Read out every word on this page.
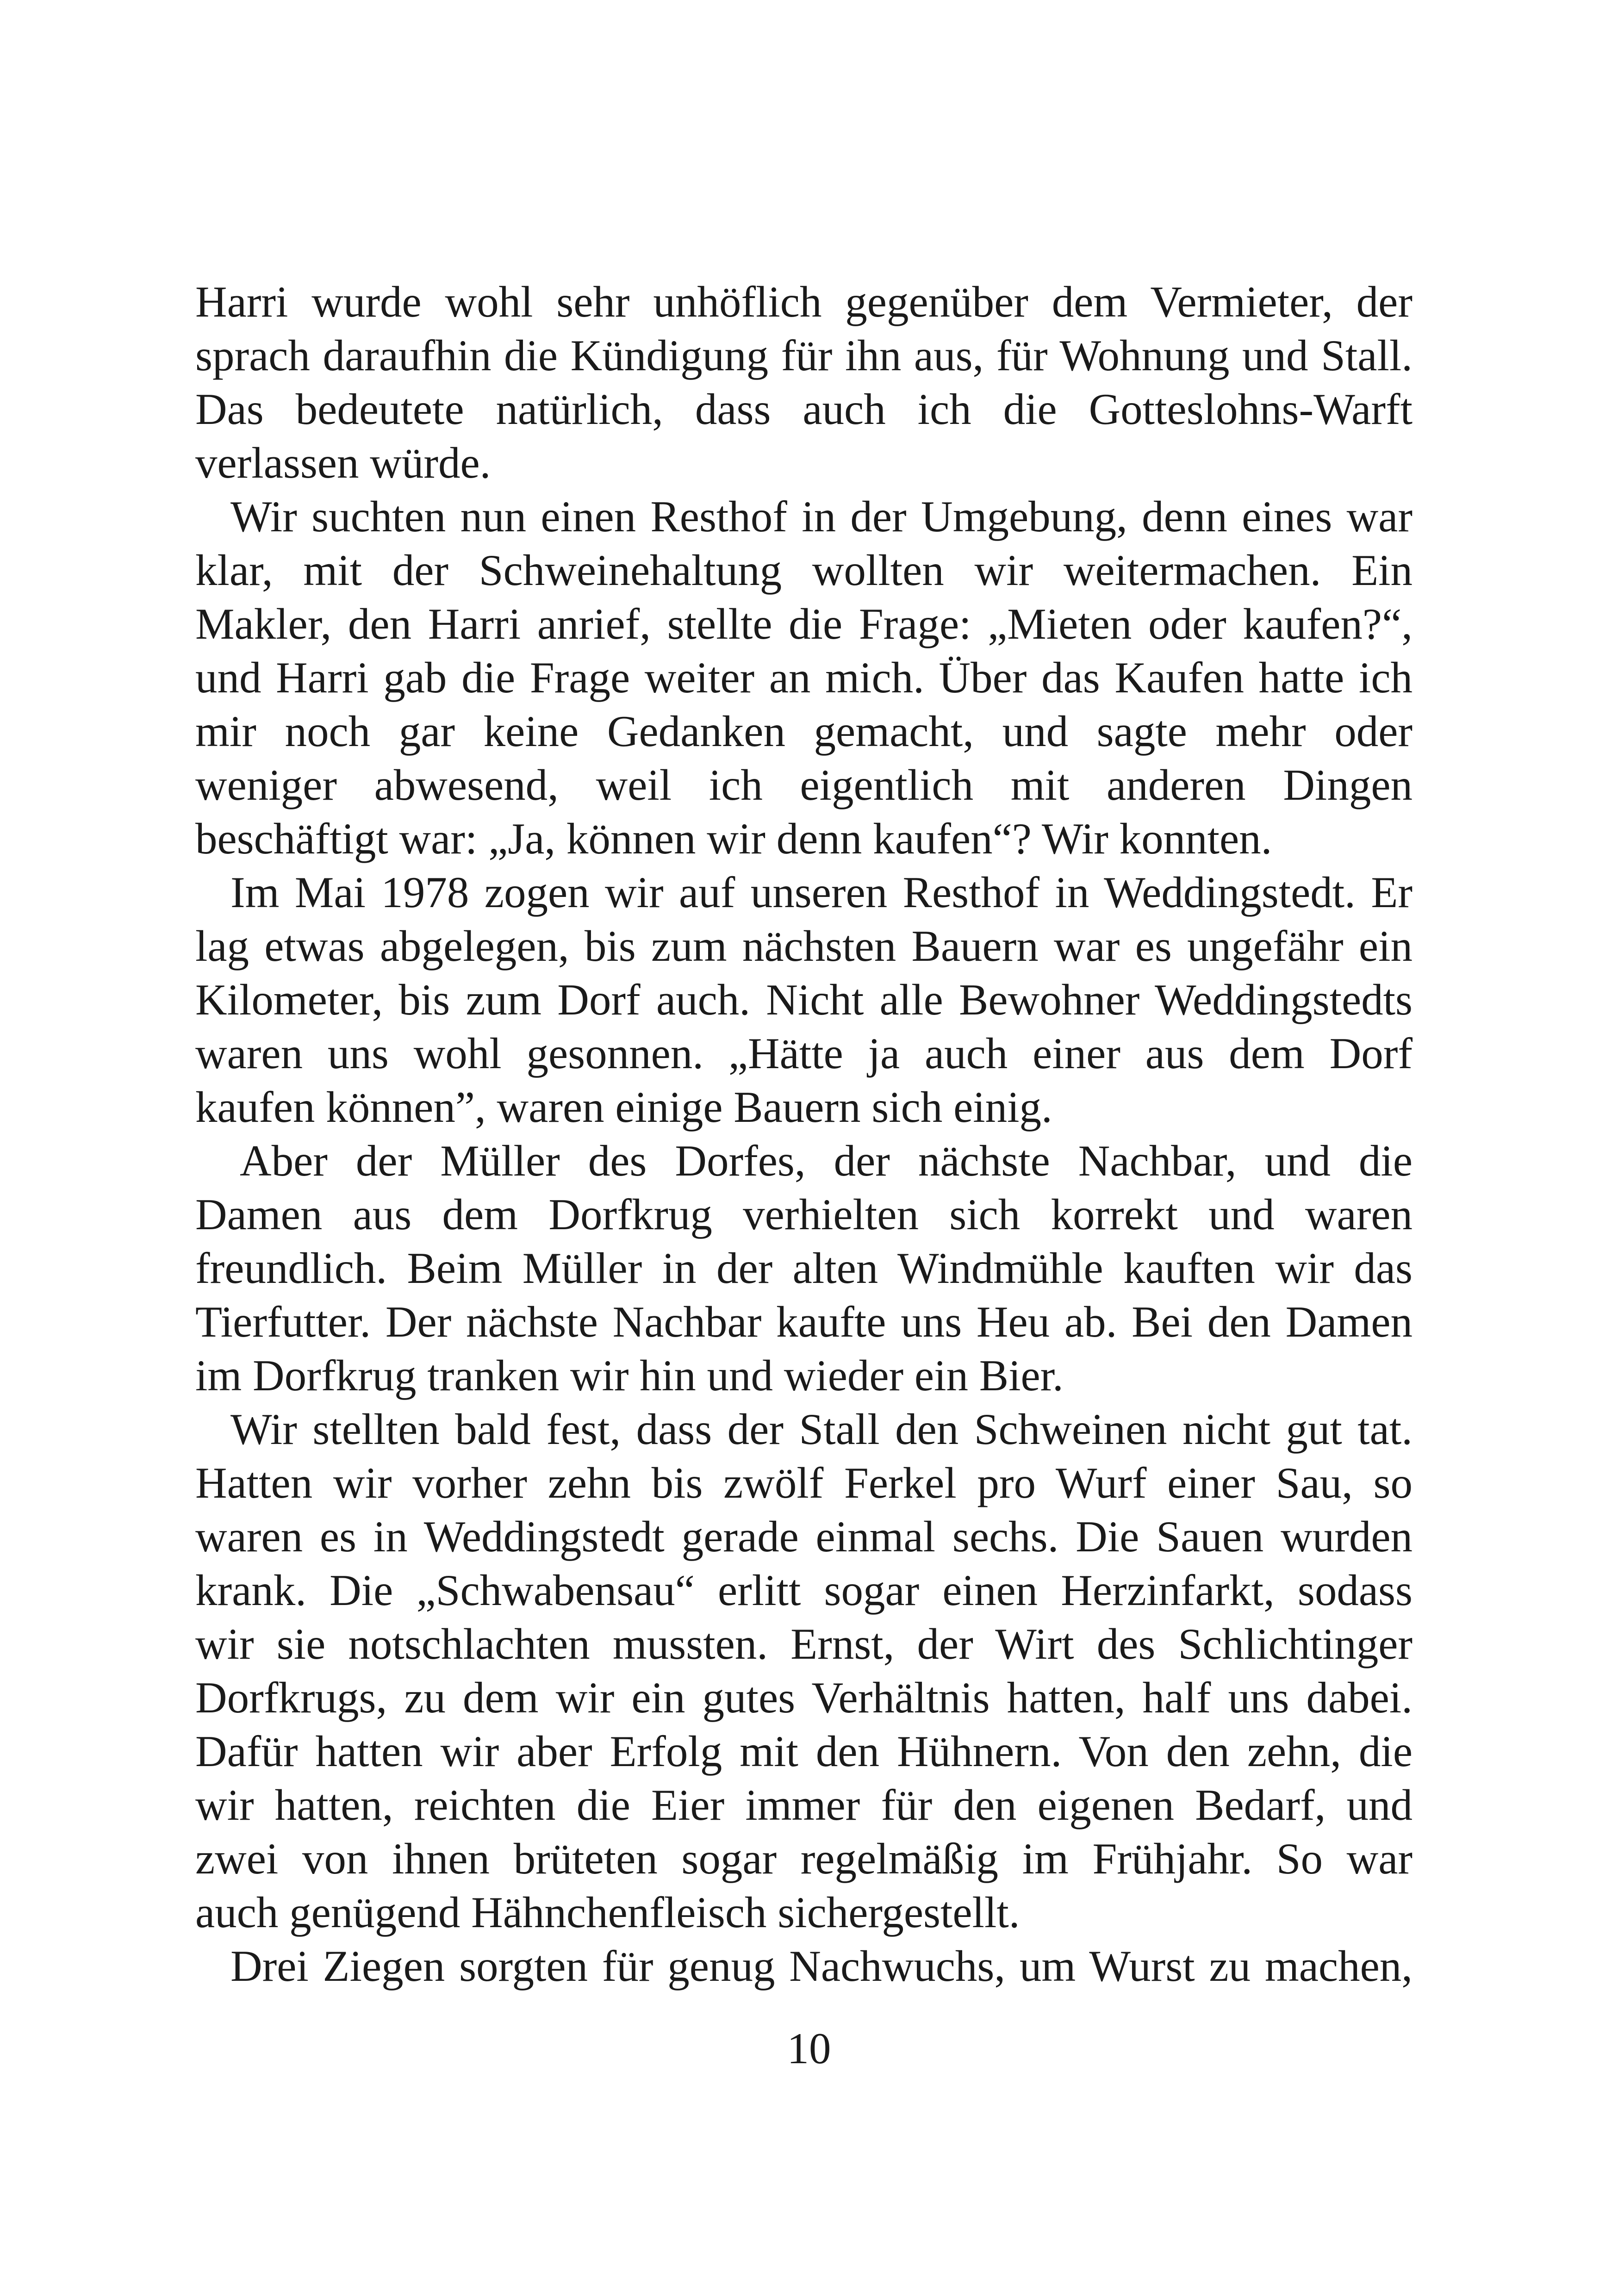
Harri wurde wohl sehr unhöflich gegenüber dem Vermieter, der
sprach daraufhin die Kündigung für ihn aus, für Wohnung und Stall.
Das bedeutete natürlich, dass auch ich die Gotteslohns-Warft
verlassen würde.

Wir suchten nun einen Resthof in der Umgebung, denn eines war
klar, mit der Schweinehaltung wollten wir weitermachen. Ein
Makler, den Harri anrief, stellte die Frage: „Mieten oder kaufen?“,
und Harri gab die Frage weiter an mich. Über das Kaufen hatte ich
mir noch gar keine Gedanken gemacht, und sagte mehr oder
weniger abwesend, weil ich eigentlich mit anderen Dingen
beschäftigt war: „Ja, können wir denn kaufen“? Wir konnten.

Im Mai 1978 zogen wir auf unseren Resthof in Weddingstedt. Er
lag etwas abgelegen, bis zum nächsten Bauern war es ungefähr ein
Kilometer, bis zum Dorf auch. Nicht alle Bewohner Weddingstedts
waren uns wohl gesonnen. „Hätte ja auch einer aus dem Dorf
kaufen können”, waren einige Bauern sich einig.

Aber der Müller des Dorfes, der nächste Nachbar, und die
Damen aus dem Dorfkrug verhielten sich korrekt und waren
freundlich. Beim Müller in der alten Windmühle kauften wir das
Tierfutter. Der nächste Nachbar kaufte uns Heu ab. Bei den Damen
im Dorfkrug tranken wir hin und wieder ein Bier.

Wir stellten bald fest, dass der Stall den Schweinen nicht gut tat.
Hatten wir vorher zehn bis zwölf Ferkel pro Wurf einer Sau, so
waren es in Weddingstedt gerade einmal sechs. Die Sauen wurden
krank. Die „Schwabensau“ erlitt sogar einen Herzinfarkt, sodass
wir sie notschlachten mussten. Ernst, der Wirt des Schlichtinger
Dorfkrugs, zu dem wir ein gutes Verhältnis hatten, half uns dabei.
Dafür hatten wir aber Erfolg mit den Hühnern. Von den zehn, die
wir hatten, reichten die Eier immer für den eigenen Bedarf, und
zwei von ihnen brüteten sogar regelmäßig im Frühjahr. So war
auch genügend Hähnchenfleisch sichergestellt.

Drei Ziegen sorgten für genug Nachwuchs, um Wurst zu machen,

10
